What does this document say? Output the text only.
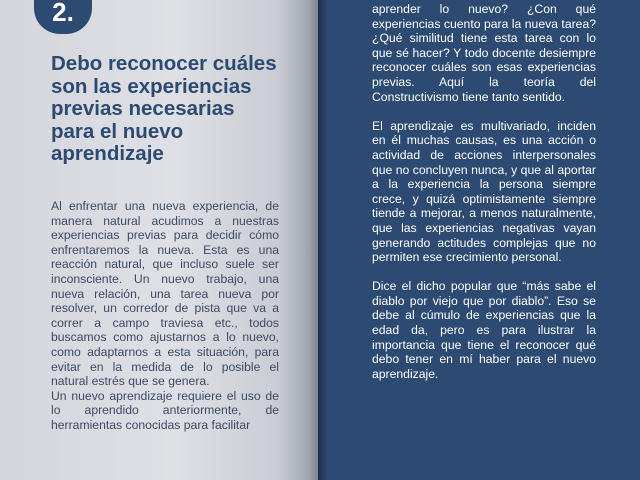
2.
Debo reconocer cuáles son las experiencias previas necesarias para el nuevo aprendizaje

Al enfrentar una nueva experiencia, de manera natural acudimos a nuestras experiencias previas para decidir cómo enfrentaremos la nueva. Esta es una reacción natural, que incluso suele ser inconsciente. Un nuevo trabajo, una nueva relación, una tarea nueva por resolver, un corredor de pista que va a correr a campo traviesa etc., todos buscamos como ajustarnos a lo nuevo, como adaptarnos a esta situación, para evitar en la medida de lo posible el natural estrés que se genera.

Un nuevo aprendizaje requiere el uso de lo aprendido anteriormente, de herramientas conocidas para facilitar

aprender lo nuevo? ¿Con qué experiencias cuento para la nueva tarea? ¿Qué similitud tiene esta tarea con lo que sé hacer? Y todo docente desiempre reconocer cuáles son esas experiencias previas. Aquí la teoría del Constructivismo tiene tanto sentido.

El aprendizaje es multivariado, inciden en él muchas causas, es una acción o actividad de acciones interpersonales que no concluyen nunca, y que al aportar a la experiencia la persona siempre crece, y quizá optimistamente siempre tiende a mejorar, a menos naturalmente, que las experiencias negativas vayan generando actitudes complejas que no permiten ese crecimiento personal.

Dice el dicho popular que “más sabe el diablo por viejo que por diablo”. Eso se debe al cúmulo de experiencias que la edad da, pero es para ilustrar la importancia que tiene el reconocer qué debo tener en mí haber para el nuevo aprendizaje.
